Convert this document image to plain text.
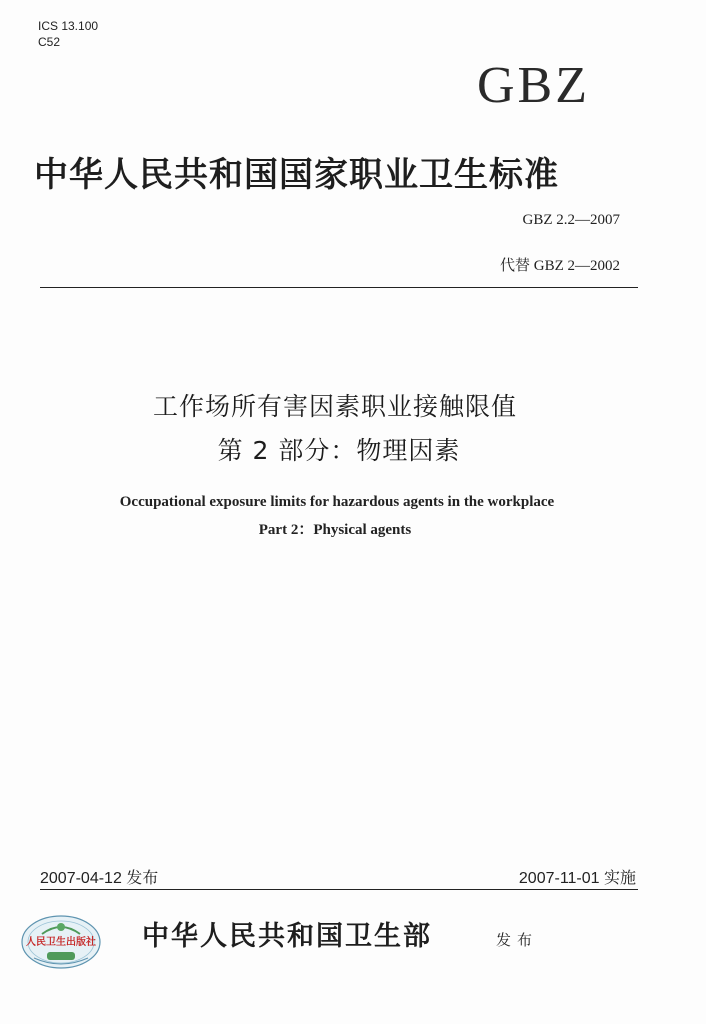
ICS 13.100
C52
GBZ
中华人民共和国国家职业卫生标准
GBZ 2.2—2007
代替 GBZ 2—2002
工作场所有害因素职业接触限值
第 2 部分：物理因素
Occupational exposure limits for hazardous agents in the workplace
Part 2：Physical agents
2007-04-12 发布	2007-11-01 实施
人民卫生出版社 中华人民共和国卫生部	发布
